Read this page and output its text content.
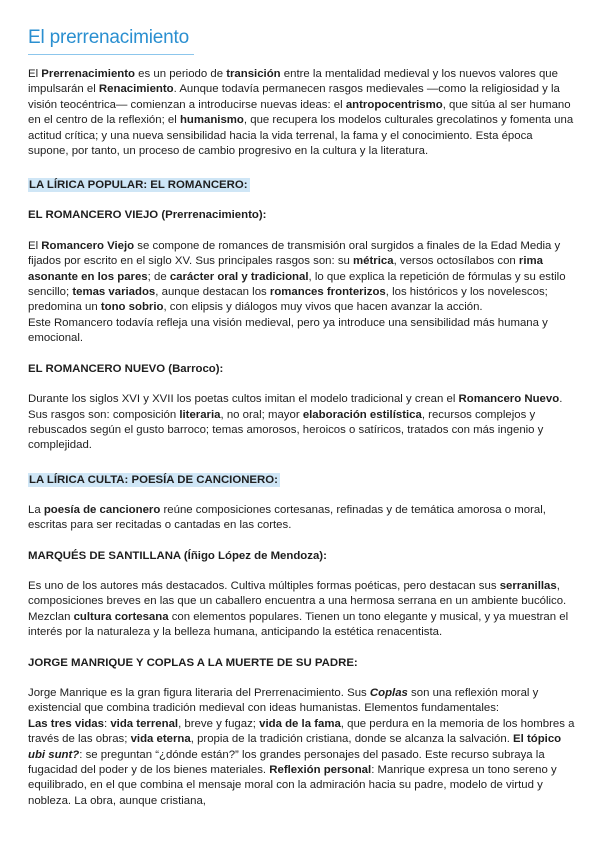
El prerrenacimiento

El Prerrenacimiento es un periodo de transición entre la mentalidad medieval y los nuevos valores que impulsarán el Renacimiento. Aunque todavía permanecen rasgos medievales —como la religiosidad y la visión teocéntrica— comienzan a introducirse nuevas ideas: el antropocentrismo, que sitúa al ser humano en el centro de la reflexión; el humanismo, que recupera los modelos culturales grecolatinos y fomenta una actitud crítica; y una nueva sensibilidad hacia la vida terrenal, la fama y el conocimiento. Esta época supone, por tanto, un proceso de cambio progresivo en la cultura y la literatura.

LA LÍRICA POPULAR: EL ROMANCERO:

EL ROMANCERO VIEJO (Prerrenacimiento):

El Romancero Viejo se compone de romances de transmisión oral surgidos a finales de la Edad Media y fijados por escrito en el siglo XV. Sus principales rasgos son: su métrica, versos octosílabos con rima asonante en los pares; de carácter oral y tradicional, lo que explica la repetición de fórmulas y su estilo sencillo; temas variados, aunque destacan los romances fronterizos, los históricos y los novelescos; predomina un tono sobrio, con elipsis y diálogos muy vivos que hacen avanzar la acción.

Este Romancero todavía refleja una visión medieval, pero ya introduce una sensibilidad más humana y emocional.

EL ROMANCERO NUEVO (Barroco):

Durante los siglos XVI y XVII los poetas cultos imitan el modelo tradicional y crean el Romancero Nuevo. Sus rasgos son: composición literaria, no oral; mayor elaboración estilística, recursos complejos y rebuscados según el gusto barroco; temas amorosos, heroicos o satíricos, tratados con más ingenio y complejidad.

LA LÍRICA CULTA: POESÍA DE CANCIONERO:

La poesía de cancionero reúne composiciones cortesanas, refinadas y de temática amorosa o moral, escritas para ser recitadas o cantadas en las cortes.

MARQUÉS DE SANTILLANA (Íñigo López de Mendoza):

Es uno de los autores más destacados. Cultiva múltiples formas poéticas, pero destacan sus serranillas, composiciones breves en las que un caballero encuentra a una hermosa serrana en un ambiente bucólico. Mezclan cultura cortesana con elementos populares. Tienen un tono elegante y musical, y ya muestran el interés por la naturaleza y la belleza humana, anticipando la estética renacentista.

JORGE MANRIQUE Y COPLAS A LA MUERTE DE SU PADRE:

Jorge Manrique es la gran figura literaria del Prerrenacimiento. Sus Coplas son una reflexión moral y existencial que combina tradición medieval con ideas humanistas. Elementos fundamentales:
Las tres vidas: vida terrenal, breve y fugaz; vida de la fama, que perdura en la memoria de los hombres a través de las obras; vida eterna, propia de la tradición cristiana, donde se alcanza la salvación. El tópico ubi sunt?: se preguntan “¿dónde están?” los grandes personajes del pasado. Este recurso subraya la fugacidad del poder y de los bienes materiales. Reflexión personal: Manrique expresa un tono sereno y equilibrado, en el que combina el mensaje moral con la admiración hacia su padre, modelo de virtud y nobleza. La obra, aunque cristiana,
